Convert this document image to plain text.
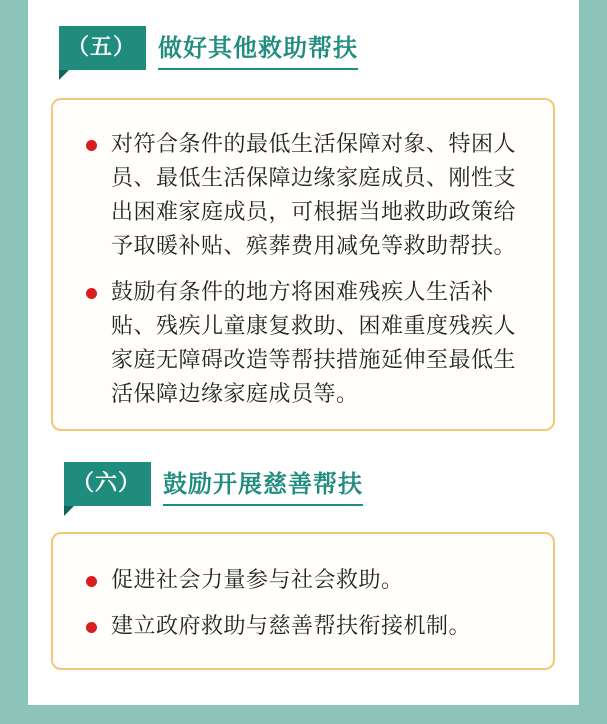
（五） 做好其他救助帮扶
对符合条件的最低生活保障对象、特困人员、最低生活保障边缘家庭成员、刚性支出困难家庭成员，可根据当地救助政策给予取暖补贴、殡葬费用减免等救助帮扶。
鼓励有条件的地方将困难残疾人生活补贴、残疾儿童康复救助、困难重度残疾人家庭无障碍改造等帮扶措施延伸至最低生活保障边缘家庭成员等。
（六） 鼓励开展慈善帮扶
促进社会力量参与社会救助。
建立政府救助与慈善帮扶衔接机制。
